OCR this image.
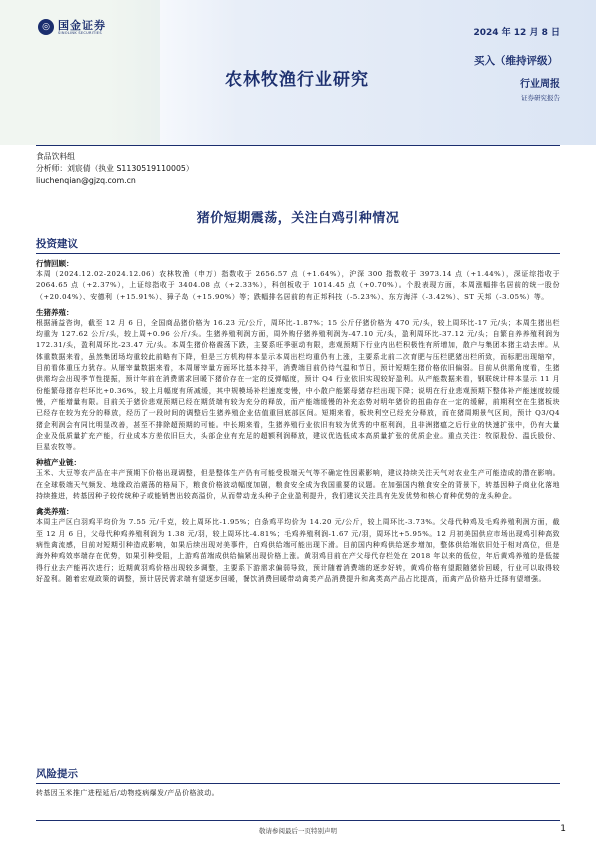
◎ 国金证券
SINOLINK SECURITIES	2024 年 12 月 8 日
农林牧渔行业研究
买入（维持评级）
行业周报
证券研究报告
食品饮料组
分析师：刘宸倩（执业 S1130519110005）
liuchenqian@gjzq.com.cn
猪价短期震荡，关注白鸡引种情况
投资建议
行情回顾：

本周（2024.12.02-2024.12.06）农林牧渔（申万）指数收于 2656.57 点（+1.64%），沪深 300 指数收于 3973.14 点（+1.44%），深证综指收于 2064.65 点（+2.37%），上证综指收于 3404.08 点（+2.33%），科创板收于 1014.45 点（+0.70%）。个股表现方面，本周涨幅排名居前的统一股份（+20.04%）、安德利（+15.91%）、獐子岛（+15.90%）等；跌幅排名居前的有正邦科技（-5.23%）、东方海洋（-3.42%）、ST 天邦（-3.05%）等。

生猪养殖：

根据涌益咨询，截至 12 月 6 日，全国商品猪价格为 16.23 元/公斤，周环比-1.87%；15 公斤仔猪价格为 470 元/头，较上周环比-17 元/头；本周生猪出栏均重为 127.62 公斤/头，较上周+0.96 公斤/头。生猪养殖利润方面，周外购仔猪养殖利润为-47.10 元/头，盈利周环比-37.12 元/头；自繁自养养殖利润为 172.31/头，盈利周环比-23.47 元/头。本周生猪价格震荡下跌，主要系旺季驱动有限，悲观预期下行业内出栏积极性有所增加，散户与集团本猪主动去库。从体重数据来看，虽然集团场均重较此前略有下降，但是三方机构样本显示本周出栏均重仍有上涨，主要系北前二次育肥与压栏肥猪出栏所致，而标肥出现缩窄，目前看体重压力犹存。从屠宰量数据来看，本周屠宰量方面环比基本持平，消费端目前仍待气温和节日，预计短期生猪价格依旧偏弱。目前从供需角度看，生猪供需均会出现季节性提振，预计年前在消费需求回暖下猪价存在一定的反弹幅度，预计 Q4 行业依旧实现较好盈利。从产能数据来看，钢联统计样本显示 11 月份能繁母猪存栏环比+0.36%，较上月幅度有所减缓，其中规模场补栏速度变慢，中小散户能繁母猪存栏出现下降；说明在行业悲观预期下整体补产能速度较缓慢，产能增量有限。目前关于猪价悲观预期已经在期货端有较为充分的释放，而产能端缓慢的补充态势对明年猪价的扭曲存在一定的缓解，前期利空在生猪板块已经存在较为充分的释放，经历了一段时间的调整后生猪养殖企业估值重回底部区间。短期来看，板块利空已经充分释放，而在猪周期景气区间，预计 Q3/Q4 猪企利润会有同比明显改善，甚至不排除超预期的可能。中长期来看，生猪养殖行业依旧有较为优秀的中枢利润，且非洲猪瘟之后行业的快速扩张中，仍有大量企业及低质量扩充产能，行业成本方差依旧巨大，头部企业有充足的超额利润释放，建议优选低成本高质量扩张的优质企业。重点关注：牧原股份、温氏股份、巨星农牧等。

种植产业链：

玉米、大豆等农产品在丰产预期下价格出现调整，但是整体生产仍有可能受极端天气等不确定性因素影响，建议持续关注天气对农业生产可能造成的潜在影响。在全球极端天气频发、地缘政治震荡的格局下，粮食价格波动幅度加剧，粮食安全成为我国重要的议题。在加强国内粮食安全的背景下，转基因种子商业化落地持续推进，转基因种子较传统种子或能销售出较高溢价，从而带动龙头种子企业盈利提升，我们建议关注具有先发优势和核心育种优势的龙头种企。

禽类养殖：

本周主产区白羽鸡平均价为 7.55 元/千克，较上周环比-1.95%；白条鸡平均价为 14.20 元/公斤，较上周环比-3.73%。父母代种鸡及毛鸡养殖利润方面，截至 12 月 6 日，父母代种鸡养殖利润为 1.38 元/羽，较上周环比-4.81%；毛鸡养殖利润-1.67 元/羽，周环比+5.95%。12 月初美国供应市场出现鸡引种高致病性禽流感，目前对短期引种造成影响，如果后续出现对美事件，白鸡供给端可能出现下滑。目前国内种鸡供给逐步增加，整体供给端依旧处于相对高位，但是海外种鸡效率端存在优势，如果引种受阻，上游鸡苗端成供给偏紧出现价格上涨。黄羽鸡目前在产父母代存栏处在 2018 年以来的低位，年后黄鸡养殖的是低接得行业去产能再次进行；近期黄羽鸡价格出现较多调整，主要系下游需求偏弱导致，预计随着消费端的逐步好转，黄鸡价格有望跟随猪价回暖，行业可以取得较好盈利。随着宏观政策的调整，预计居民需求端有望逐步回暖，餐饮消费回暖带动禽类产品消费提升和禽类高产品占比提高，而禽产品价格升迁择有望增强。

风险提示

转基因玉米推广进程延后/动物疫病爆发/产品价格波动。

敬请参阅最后一页特别声明	1
